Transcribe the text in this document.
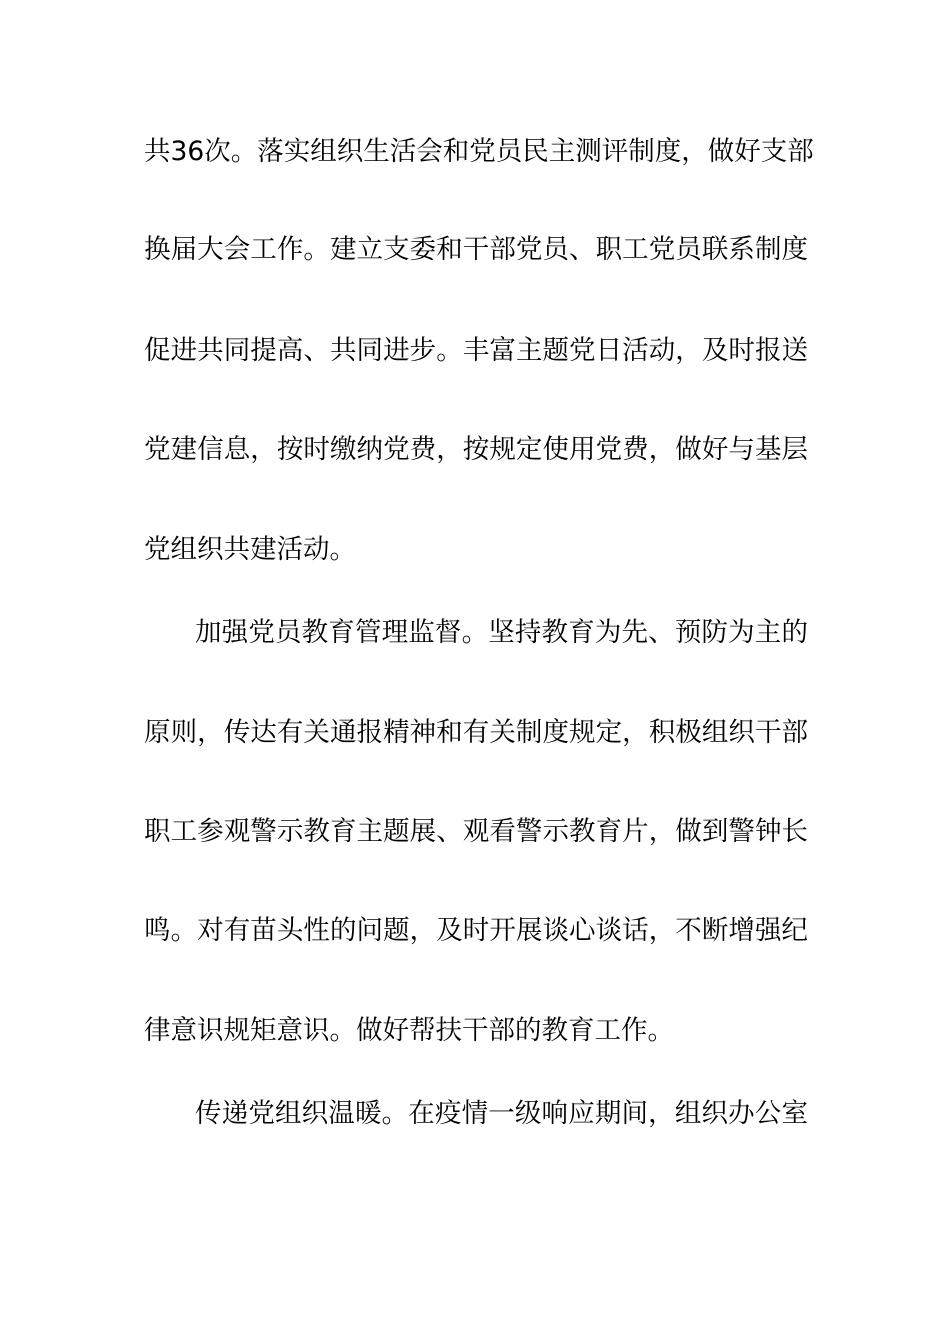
共 36 次 。 落 实 组 织 生 活 会 和 党 员 民 主 测 评 制 度 ， 做 好 支 部
换 届 大 会 工 作 。 建 立 支 委 和 干 部 党 员 、 职 工 党 员 联 系 制 度
促 进 共 同 提 高 、 共 同 进 步 。 丰 富 主 题 党 日 活 动 ， 及 时 报 送
党 建 信 息 ， 按 时 缴 纳 党 费 ， 按 规 定 使 用 党 费 ， 做 好 与 基 层
党组织共建活动。
加 强 党 员 教 育 管 理 监 督 。 坚 持 教 育 为 先 、 预 防 为 主 的
原 则 ， 传 达 有 关 通 报 精 神 和 有 关 制 度 规 定 ， 积 极 组 织 干 部
职 工 参 观 警 示 教 育 主 题 展 、 观 看 警 示 教 育 片 ， 做 到 警 钟 长
鸣 。 对 有 苗 头 性 的 问 题 ， 及 时 开 展 谈 心 谈 话 ， 不 断 增 强 纪
律意识规矩意识。做好帮扶干部的教育工作。
传 递 党 组 织 温 暖 。 在 疫 情 一 级 响 应 期 间 ， 组 织 办 公 室
